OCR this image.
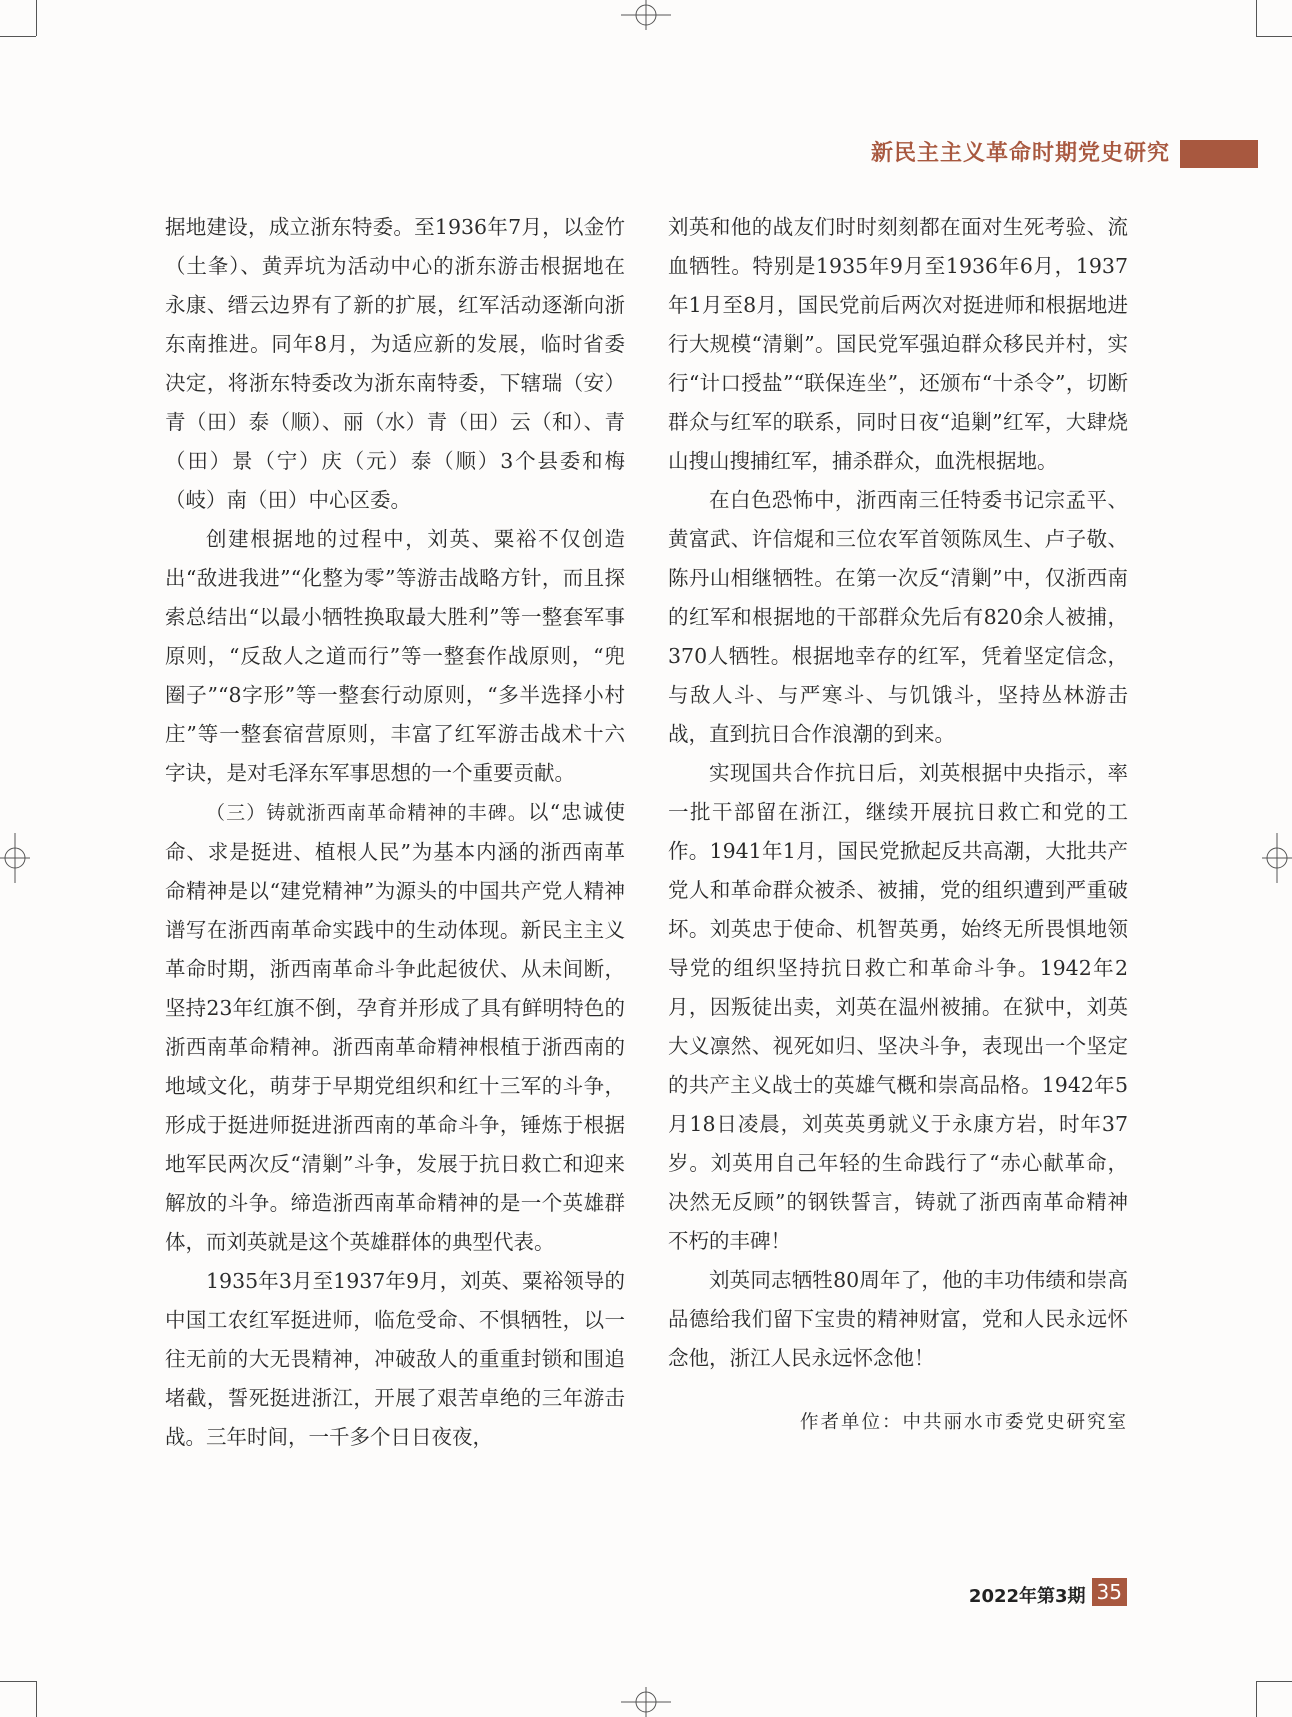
新民主主义革命时期党史研究

据地建设，成立浙东特委。至1936年7月，以金竹（土夆）、黄弄坑为活动中心的浙东游击根据地在永康、缙云边界有了新的扩展，红军活动逐渐向浙东南推进。同年8月，为适应新的发展，临时省委决定，将浙东特委改为浙东南特委，下辖瑞（安）青（田）泰（顺）、丽（水）青（田）云（和）、青（田）景（宁）庆（元）泰（顺）3个县委和梅（岐）南（田）中心区委。

创建根据地的过程中，刘英、粟裕不仅创造出“敌进我进”“化整为零”等游击战略方针，而且探索总结出“以最小牺牲换取最大胜利”等一整套军事原则，“反敌人之道而行”等一整套作战原则，“兜圈子”“8字形”等一整套行动原则，“多半选择小村庄”等一整套宿营原则，丰富了红军游击战术十六字诀，是对毛泽东军事思想的一个重要贡献。

（三）铸就浙西南革命精神的丰碑。以“忠诚使命、求是挺进、植根人民”为基本内涵的浙西南革命精神是以“建党精神”为源头的中国共产党人精神谱写在浙西南革命实践中的生动体现。新民主主义革命时期，浙西南革命斗争此起彼伏、从未间断，坚持23年红旗不倒，孕育并形成了具有鲜明特色的浙西南革命精神。浙西南革命精神根植于浙西南的地域文化，萌芽于早期党组织和红十三军的斗争，形成于挺进师挺进浙西南的革命斗争，锤炼于根据地军民两次反“清剿”斗争，发展于抗日救亡和迎来解放的斗争。缔造浙西南革命精神的是一个英雄群体，而刘英就是这个英雄群体的典型代表。

1935年3月至1937年9月，刘英、粟裕领导的中国工农红军挺进师，临危受命、不惧牺牲，以一往无前的大无畏精神，冲破敌人的重重封锁和围追堵截，誓死挺进浙江，开展了艰苦卓绝的三年游击战。三年时间，一千多个日日夜夜，

刘英和他的战友们时时刻刻都在面对生死考验、流血牺牲。特别是1935年9月至1936年6月，1937年1月至8月，国民党前后两次对挺进师和根据地进行大规模“清剿”。国民党军强迫群众移民并村，实行“计口授盐”“联保连坐”，还颁布“十杀令”，切断群众与红军的联系，同时日夜“追剿”红军，大肆烧山搜山搜捕红军，捕杀群众，血洗根据地。

在白色恐怖中，浙西南三任特委书记宗孟平、黄富武、许信焜和三位农军首领陈凤生、卢子敬、陈丹山相继牺牲。在第一次反“清剿”中，仅浙西南的红军和根据地的干部群众先后有820余人被捕，370人牺牲。根据地幸存的红军，凭着坚定信念，与敌人斗、与严寒斗、与饥饿斗，坚持丛林游击战，直到抗日合作浪潮的到来。

实现国共合作抗日后，刘英根据中央指示，率一批干部留在浙江，继续开展抗日救亡和党的工作。1941年1月，国民党掀起反共高潮，大批共产党人和革命群众被杀、被捕，党的组织遭到严重破坏。刘英忠于使命、机智英勇，始终无所畏惧地领导党的组织坚持抗日救亡和革命斗争。1942年2月，因叛徒出卖，刘英在温州被捕。在狱中，刘英大义凛然、视死如归、坚决斗争，表现出一个坚定的共产主义战士的英雄气概和崇高品格。1942年5月18日凌晨，刘英英勇就义于永康方岩，时年37岁。刘英用自己年轻的生命践行了“赤心献革命，决然无反顾”的钢铁誓言，铸就了浙西南革命精神不朽的丰碑！

刘英同志牺牲80周年了，他的丰功伟绩和崇高品德给我们留下宝贵的精神财富，党和人民永远怀念他，浙江人民永远怀念他！

作者单位：中共丽水市委党史研究室

2022年第3期 35
